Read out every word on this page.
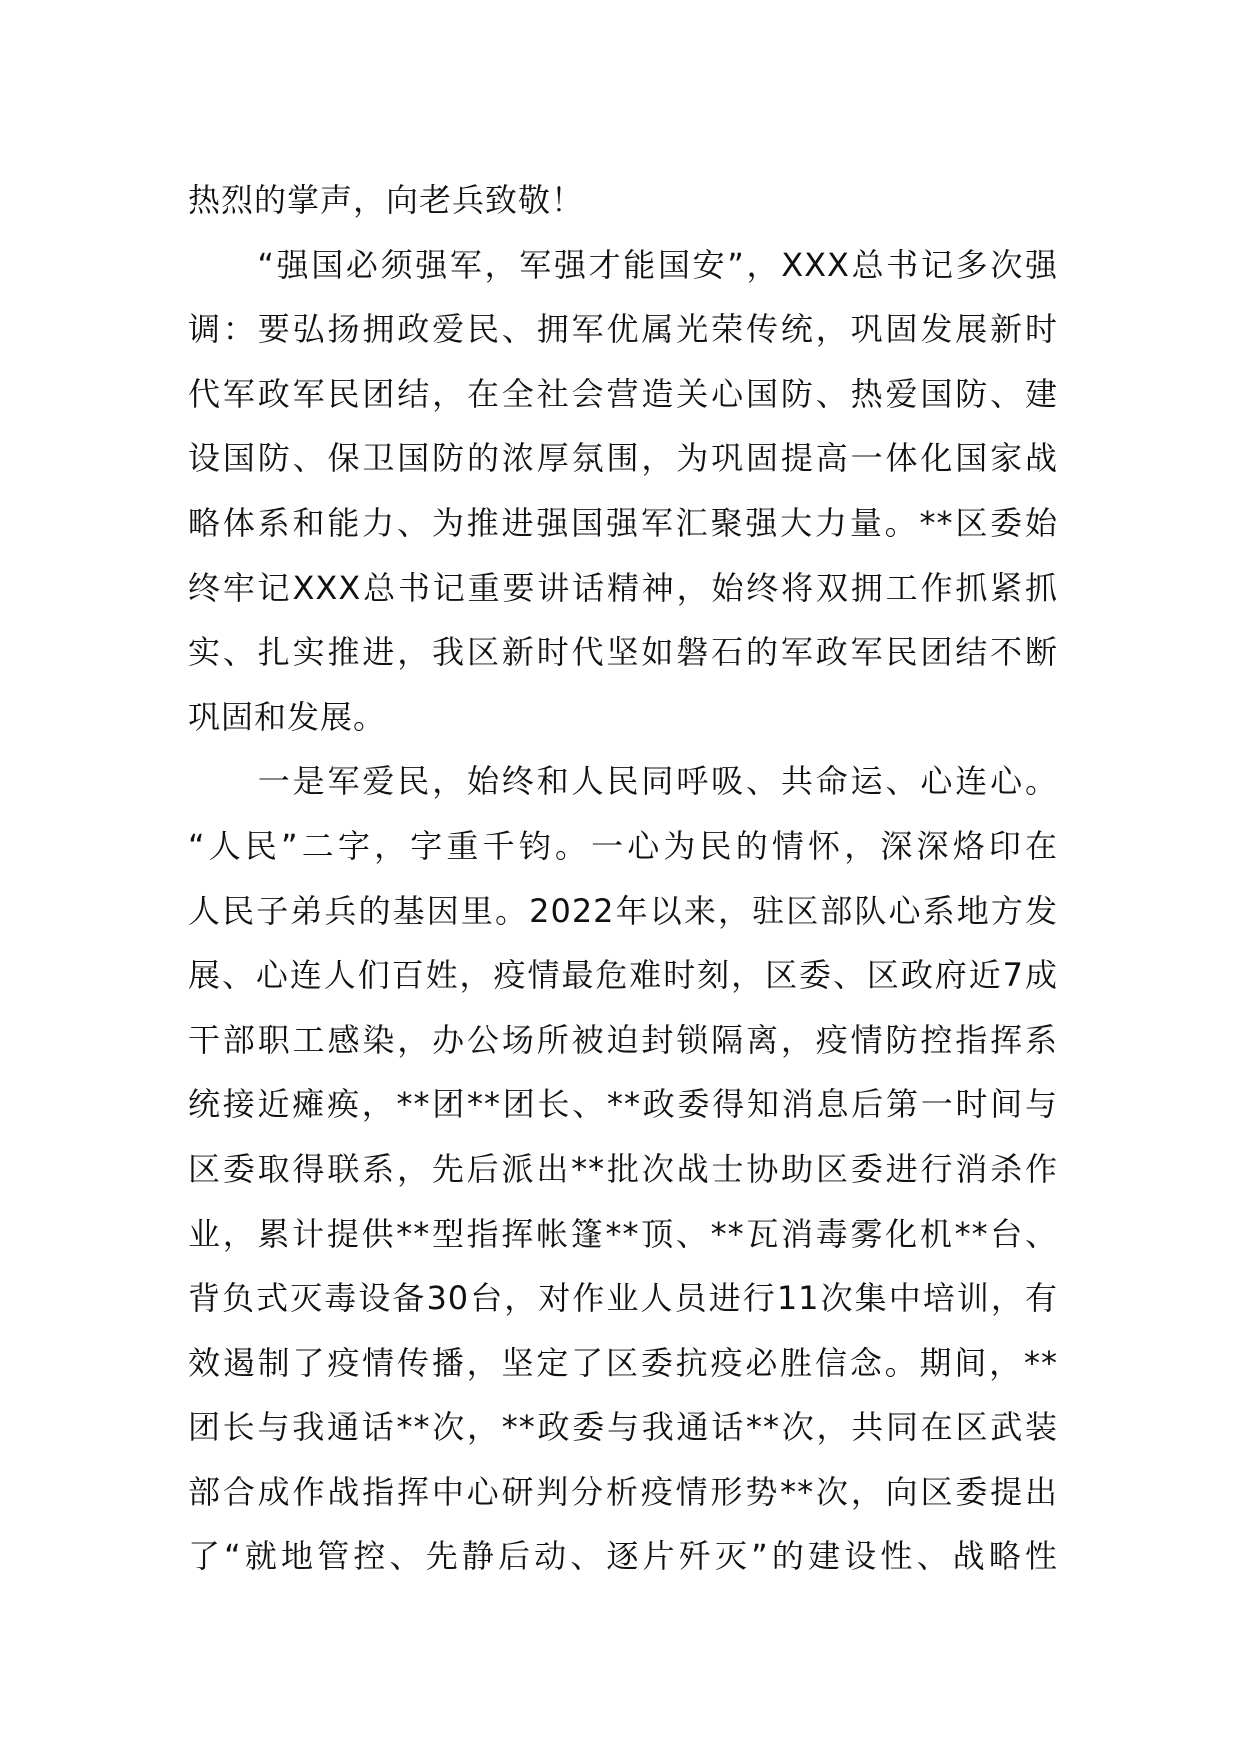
热烈的掌声，向老兵致敬！
　　“强国必须强军，军强才能国安”，XXX总书记多次强
调：要弘扬拥政爱民、拥军优属光荣传统，巩固发展新时
代军政军民团结，在全社会营造关心国防、热爱国防、建
设国防、保卫国防的浓厚氛围，为巩固提高一体化国家战
略体系和能力、为推进强国强军汇聚强大力量。**区委始
终牢记XXX总书记重要讲话精神，始终将双拥工作抓紧抓
实、扎实推进，我区新时代坚如磐石的军政军民团结不断
巩固和发展。
　　一是军爱民，始终和人民同呼吸、共命运、心连心。
“人民”二字，字重千钧。一心为民的情怀，深深烙印在
人民子弟兵的基因里。2022年以来，驻区部队心系地方发
展、心连人们百姓，疫情最危难时刻，区委、区政府近7成
干部职工感染，办公场所被迫封锁隔离，疫情防控指挥系
统接近瘫痪，**团**团长、**政委得知消息后第一时间与
区委取得联系，先后派出**批次战士协助区委进行消杀作
业，累计提供**型指挥帐篷**顶、**瓦消毒雾化机**台、
背负式灭毒设备30台，对作业人员进行11次集中培训，有
效遏制了疫情传播，坚定了区委抗疫必胜信念。期间，**
团长与我通话**次，**政委与我通话**次，共同在区武装
部合成作战指挥中心研判分析疫情形势**次，向区委提出
了“就地管控、先静后动、逐片歼灭”的建设性、战略性
